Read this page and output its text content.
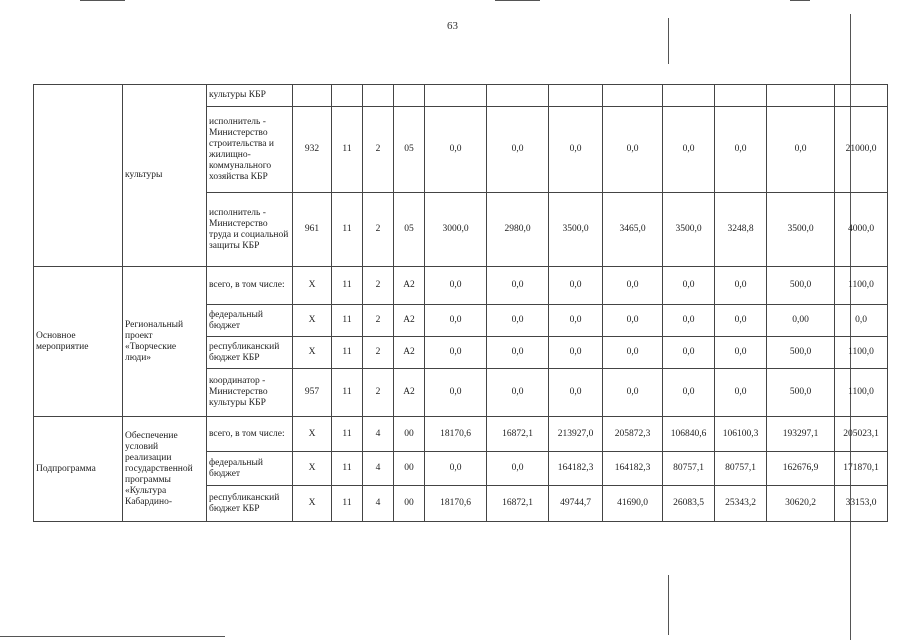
63
	культуры	культуры КБР												
		исполнитель - Министерство строительства и жилищно-коммунального хозяйства КБР	932	11	2	05	0,0	0,0	0,0	0,0	0,0	0,0	0,0	21000,0
		исполнитель - Министерство труда и социальной защиты КБР	961	11	2	05	3000,0	2980,0	3500,0	3465,0	3500,0	3248,8	3500,0	4000,0
Основное мероприятие	Региональный проект «Творческие люди»	всего, в том числе:	X	11	2	A2	0,0	0,0	0,0	0,0	0,0	0,0	500,0	1100,0
		федеральный бюджет	X	11	2	A2	0,0	0,0	0,0	0,0	0,0	0,0	0,00	0,0
		республиканский бюджет КБР	X	11	2	A2	0,0	0,0	0,0	0,0	0,0	0,0	500,0	1100,0
		координатор - Министерство культуры КБР	957	11	2	A2	0,0	0,0	0,0	0,0	0,0	0,0	500,0	1100,0
Подпрограмма	Обеспечение условий реализации государственной программы «Культура Кабардино-	всего, в том числе:	X	11	4	00	18170,6	16872,1	213927,0	205872,3	106840,6	106100,3	193297,1	205023,1
		федеральный бюджет	X	11	4	00	0,0	0,0	164182,3	164182,3	80757,1	80757,1	162676,9	171870,1
		республиканский бюджет КБР	X	11	4	00	18170,6	16872,1	49744,7	41690,0	26083,5	25343,2	30620,2	33153,0
